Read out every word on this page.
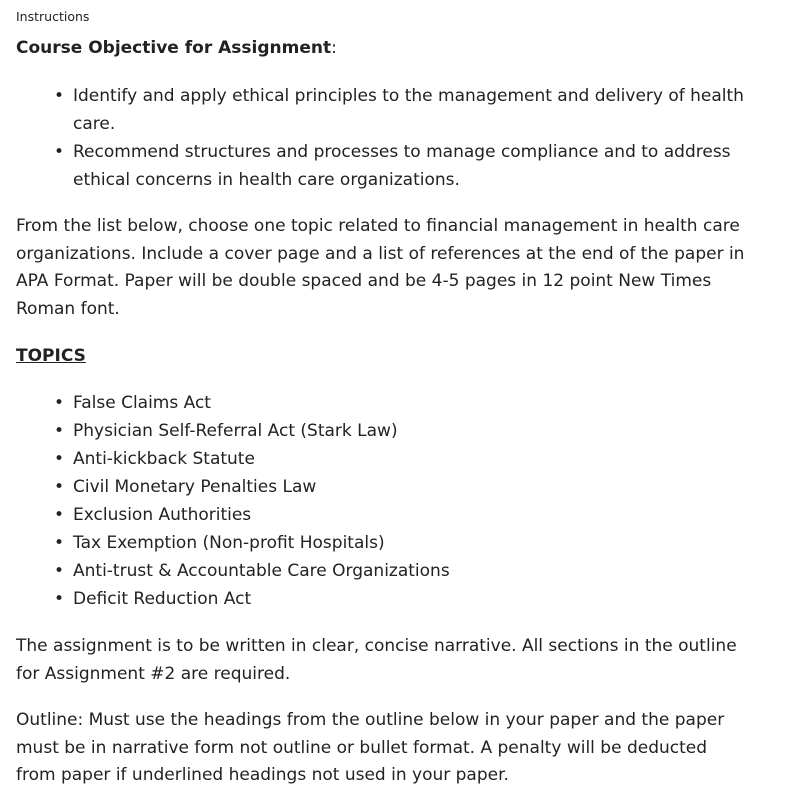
Instructions
Course Objective for Assignment:
• Identify and apply ethical principles to the management and delivery of health care.
• Recommend structures and processes to manage compliance and to address ethical concerns in health care organizations.

From the list below, choose one topic related to financial management in health care organizations. Include a cover page and a list of references at the end of the paper in APA Format. Paper will be double spaced and be 4-5 pages in 12 point New Times Roman font.

TOPICS
• False Claims Act
• Physician Self-Referral Act (Stark Law)
• Anti-kickback Statute
• Civil Monetary Penalties Law
• Exclusion Authorities
• Tax Exemption (Non-profit Hospitals)
• Anti-trust & Accountable Care Organizations
• Deficit Reduction Act

The assignment is to be written in clear, concise narrative. All sections in the outline for Assignment #2 are required.

Outline: Must use the headings from the outline below in your paper and the paper must be in narrative form not outline or bullet format. A penalty will be deducted from paper if underlined headings not used in your paper.
